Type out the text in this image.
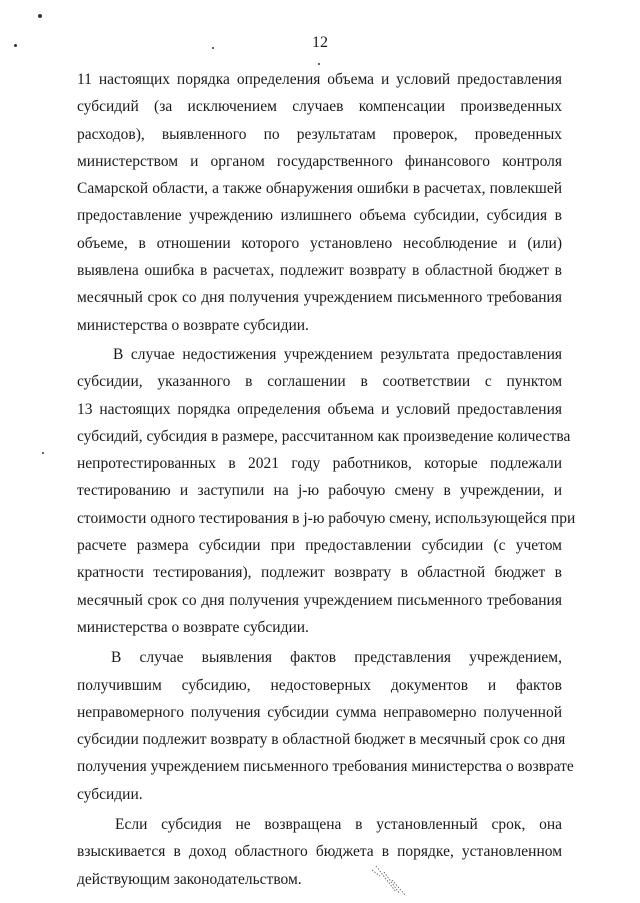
12
11 настоящих порядка определения объема и условий предоставления
субсидий (за исключением случаев компенсации произведенных
расходов), выявленного по результатам проверок, проведенных
министерством и органом государственного финансового контроля
Самарской области, а также обнаружения ошибки в расчетах, повлекшей
предоставление учреждению излишнего объема субсидии, субсидия в
объеме, в отношении которого установлено несоблюдение и (или)
выявлена ошибка в расчетах, подлежит возврату в областной бюджет в
месячный срок со дня получения учреждением письменного требования
министерства о возврате субсидии.
В случае недостижения учреждением результата предоставления
субсидии, указанного в соглашении в соответствии с пунктом
13 настоящих порядка определения объема и условий предоставления
субсидий, субсидия в размере, рассчитанном как произведение количества
непротестированных в 2021 году работников, которые подлежали
тестированию и заступили на j-ю рабочую смену в учреждении, и
стоимости одного тестирования в j-ю рабочую смену, использующейся при
расчете размера субсидии при предоставлении субсидии (с учетом
кратности тестирования), подлежит возврату в областной бюджет в
месячный срок со дня получения учреждением письменного требования
министерства о возврате субсидии.
В случае выявления фактов представления учреждением,
получившим субсидию, недостоверных документов и фактов
неправомерного получения субсидии сумма неправомерно полученной
субсидии подлежит возврату в областной бюджет в месячный срок со дня
получения учреждением письменного требования министерства о возврате
субсидии.
Если субсидия не возвращена в установленный срок, она
взыскивается в доход областного бюджета в порядке, установленном
действующим законодательством.
